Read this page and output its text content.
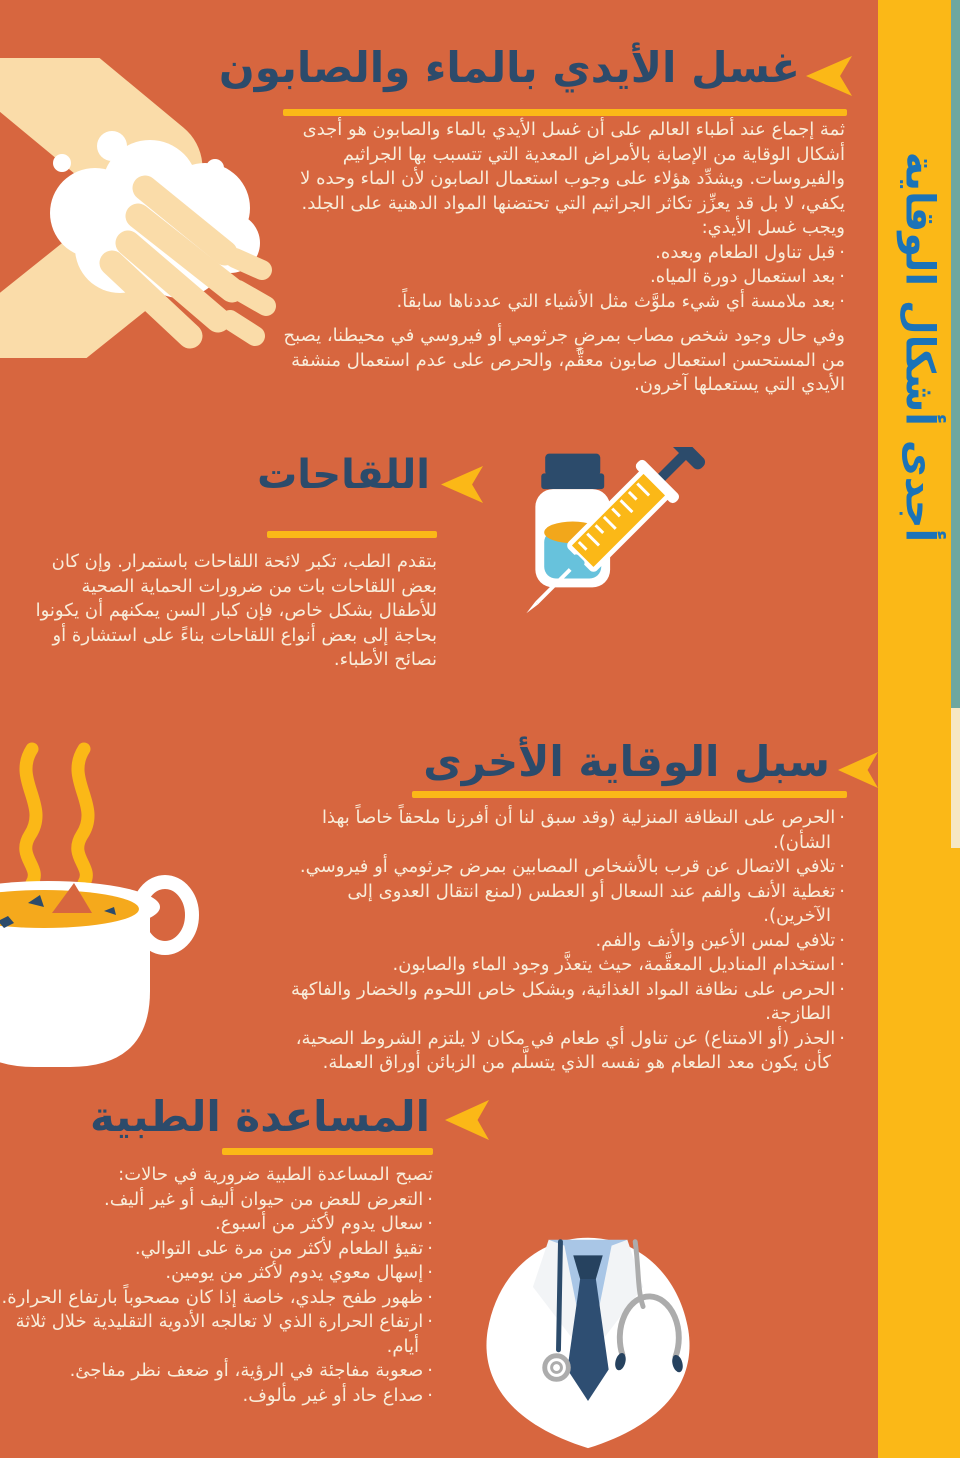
أجدى أشكال الوقاية
غسل الأيدي بالماء والصابون

ثمة إجماع عند أطباء العالم على أن غسل الأيدي بالماء والصابون هو أجدى أشكال الوقاية من الإصابة بالأمراض المعدية التي تتسبب بها الجراثيم والفيروسات. ويشدِّد هؤلاء على وجوب استعمال الصابون لأن الماء وحده لا يكفي، لا بل قد يعزِّز تكاثر الجراثيم التي تحتضنها المواد الدهنية على الجلد.

ويجب غسل الأيدي:

·قبل تناول الطعام وبعده.
·بعد استعمال دورة المياه.
·بعد ملامسة أي شيء ملوَّث مثل الأشياء التي عددناها سابقاً.

وفي حال وجود شخص مصاب بمرضٍ جرثومي أو فيروسي في محيطنا، يصبح من المستحسن استعمال صابون معقَّم، والحرص على عدم استعمال منشفة الأيدي التي يستعملها آخرون.

اللقاحات

بتقدم الطب، تكبر لائحة اللقاحات باستمرار. وإن كان بعض اللقاحات بات من ضرورات الحماية الصحية للأطفال بشكل خاص، فإن كبار السن يمكنهم أن يكونوا بحاجة إلى بعض أنواع اللقاحات بناءً على استشارة أو نصائح الأطباء.

سبل الوقاية الأخرى
·الحرص على النظافة المنزلية (وقد سبق لنا أن أفرزنا ملحقاً خاصاً بهذا الشأن).
·تلافي الاتصال عن قرب بالأشخاص المصابين بمرض جرثومي أو فيروسي.
·تغطية الأنف والفم عند السعال أو العطس (لمنع انتقال العدوى إلى الآخرين).
·تلافي لمس الأعين والأنف والفم.
·استخدام المناديل المعقَّمة، حيث يتعذَّر وجود الماء والصابون.
·الحرص على نظافة المواد الغذائية، وبشكل خاص اللحوم والخضار والفاكهة الطازجة.
·الحذر (أو الامتناع) عن تناول أي طعام في مكان لا يلتزم الشروط الصحية، كأن يكون معد الطعام هو نفسه الذي يتسلَّم من الزبائن أوراق العملة.
المساعدة الطبية

تصبح المساعدة الطبية ضرورية في حالات:

·التعرض للعض من حيوان أليف أو غير أليف.
·سعال يدوم لأكثر من أسبوع.
·تقيؤ الطعام لأكثر من مرة على التوالي.
·إسهال معوي يدوم لأكثر من يومين.
·ظهور طفح جلدي، خاصة إذا كان مصحوباً بارتفاع الحرارة.
·ارتفاع الحرارة الذي لا تعالجه الأدوية التقليدية خلال ثلاثة أيام.
·صعوبة مفاجئة في الرؤية، أو ضعف نظر مفاجئ.
·صداع حاد أو غير مألوف.
